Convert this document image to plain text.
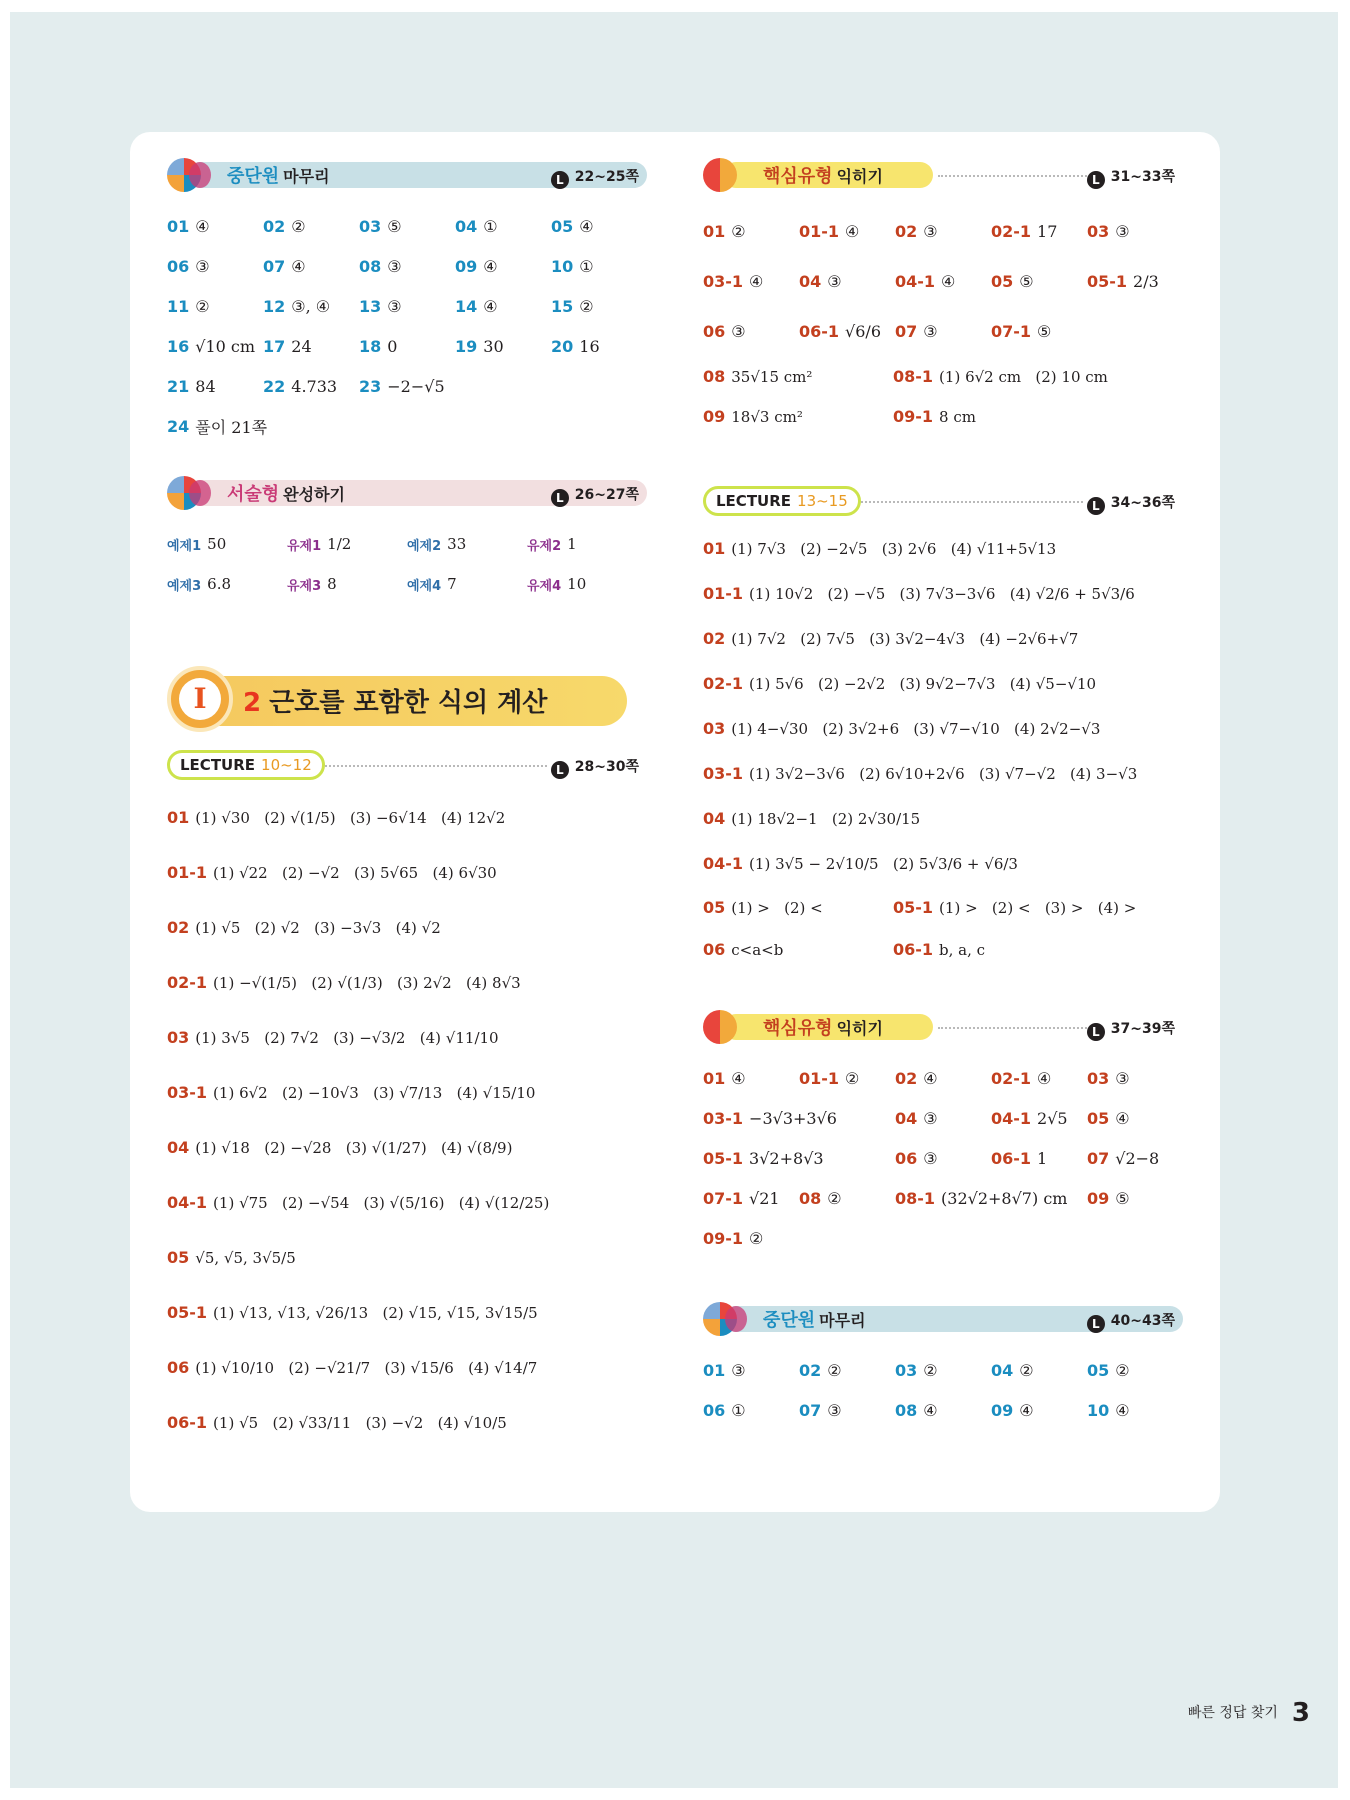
중단원 마무리	L 22~25쪽
01 ④	02 ②	03 ⑤	04 ①	05 ④
06 ③	07 ④	08 ③	09 ④	10 ①
11 ②	12 ③, ④ 13 ③	14 ④	15 ②
16 √10 cm 17 24	18 0	19 30	20 16
21 84	22 4.733 23 −2−√5
24 풀이 21쪽
서술형 완성하기	L 26~27쪽
예제1 50	유제1 1/2	예제2 33	유제2 1
예제3 6.8	유제3 8	예제4 7	유제4 10
I	2 근호를 포함한 식의 계산
LECTURE 10~12	L 28~30쪽
01 (1) √30   (2) √(1/5)   (3) −6√14   (4) 12√2
01-1 (1) √22   (2) −√2   (3) 5√65   (4) 6√30
02 (1) √5   (2) √2   (3) −3√3   (4) √2
02-1 (1) −√(1/5)   (2) √(1/3)   (3) 2√2   (4) 8√3
03 (1) 3√5   (2) 7√2   (3) −√3/2   (4) √11/10
03-1 (1) 6√2   (2) −10√3   (3) √7/13   (4) √15/10
04 (1) √18   (2) −√28   (3) √(1/27)   (4) √(8/9)
04-1 (1) √75   (2) −√54   (3) √(5/16)   (4) √(12/25)
05 √5, √5, 3√5/5
05-1 (1) √13, √13, √26/13   (2) √15, √15, 3√15/5
06 (1) √10/10   (2) −√21/7   (3) √15/6   (4) √14/7
06-1 (1) √5   (2) √33/11   (3) −√2   (4) √10/5
핵심유형 익히기	L 31~33쪽
01 ②	01-1 ④ 02 ③	02-1 17 03 ③
03-1 ④ 04 ③	04-1 ④ 05 ⑤	05-1 2/3
06 ③	06-1 √6/6 07 ③	07-1 ⑤
08 35√15 cm²	08-1 (1) 6√2 cm   (2) 10 cm
09 18√3 cm²	09-1 8 cm
LECTURE 13~15	L 34~36쪽
01 (1) 7√3   (2) −2√5   (3) 2√6   (4) √11+5√13
01-1 (1) 10√2   (2) −√5   (3) 7√3−3√6   (4) √2/6 + 5√3/6
02 (1) 7√2   (2) 7√5   (3) 3√2−4√3   (4) −2√6+√7
02-1 (1) 5√6   (2) −2√2   (3) 9√2−7√3   (4) √5−√10
03 (1) 4−√30   (2) 3√2+6   (3) √7−√10   (4) 2√2−√3
03-1 (1) 3√2−3√6   (2) 6√10+2√6   (3) √7−√2   (4) 3−√3
04 (1) 18√2−1   (2) 2√30/15
04-1 (1) 3√5 − 2√10/5   (2) 5√3/6 + √6/3
05 (1) >   (2) <	05-1 (1) >   (2) <   (3) >   (4) >
06 c<a<b	06-1 b, a, c
핵심유형 익히기	L 37~39쪽
01 ④	01-1 ② 02 ④	02-1 ④ 03 ③
03-1 −3√3+3√6	04 ③	04-1 2√5 05 ④
05-1 3√2+8√3	06 ③	06-1 1 07 √2−8
07-1 √21 08 ②	08-1 (32√2+8√7) cm 09 ⑤
09-1 ②
중단원 마무리	L 40~43쪽
01 ③	02 ②	03 ②	04 ②	05 ②
06 ①	07 ③	08 ④	09 ④	10 ④
빠른 정답 찾기 3
